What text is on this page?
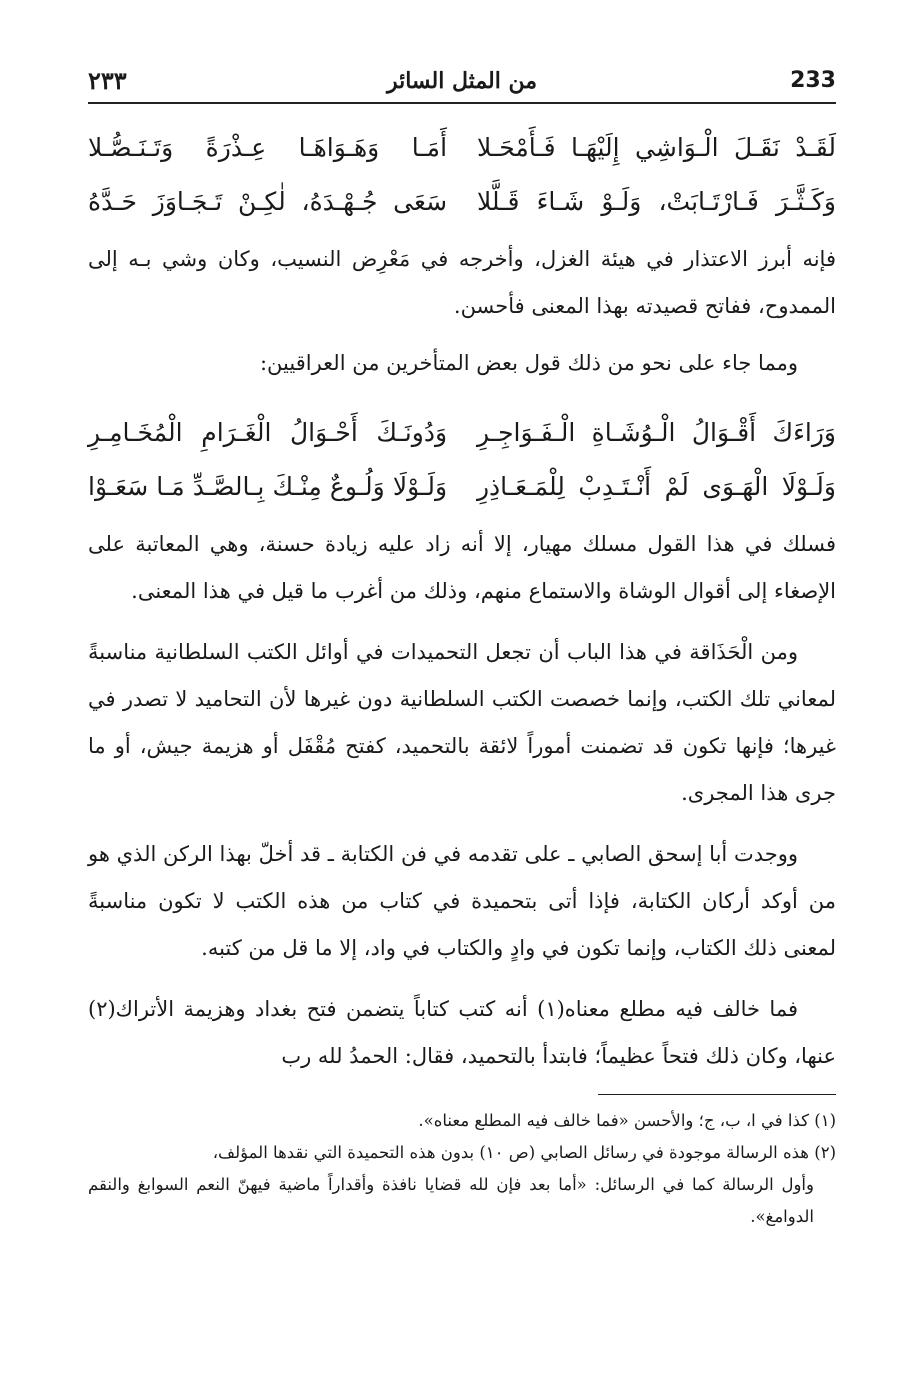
233
من المثل السائر
٢٣٣
لَقَـدْ نَقَـلَ الْـوَاشِي إِلَيْهَـا فَـأَمْحَـلا
أَمَـا وَهَـوَاهَـا عِـذْرَةً وَتَـنَـصُّـلا
وَكَـثَّـرَ فَـارْتَـابَتْ، وَلَـوْ شَـاءَ قَـلَّلا
سَعَى جُـهْـدَهُ، لٰكِـنْ تَـجَـاوَزَ حَـدَّهُ

فإنه أبرز الاعتذار في هيئة الغزل، وأخرجه في مَعْرِض النسيب، وكان وشي بـه إلى الممدوح، ففاتح قصيدته بهذا المعنى فأحسن.

ومما جاء على نحو من ذلك قول بعض المتأخرين من العراقيين:

وَرَاءَكَ أَقْـوَالُ الْـوُشَـاةِ الْـفَـوَاجِـرِ
وَدُونَـكَ أَحْـوَالُ الْغَـرَامِ الْمُخَـامِـرِ
وَلَـوْلَا الْهَـوَى لَمْ أَنْـتَـدِبْ لِلْمَـعَـاذِرِ
وَلَـوْلَا وَلُـوعٌ مِنْـكَ بِـالصَّـدِّ مَـا سَعَـوْا

فسلك في هذا القول مسلك مهيار، إلا أنه زاد عليه زيادة حسنة، وهي المعاتبة على الإصغاء إلى أقوال الوشاة والاستماع منهم، وذلك من أغرب ما قيل في هذا المعنى.

ومن الْحَذَاقة في هذا الباب أن تجعل التحميدات في أوائل الكتب السلطانية مناسبةً لمعاني تلك الكتب، وإنما خصصت الكتب السلطانية دون غيرها لأن التحاميد لا تصدر في غيرها؛ فإنها تكون قد تضمنت أموراً لائقة بالتحميد، كفتح مُقْفَل أو هزيمة جيش، أو ما جرى هذا المجرى.

ووجدت أبا إسحق الصابي ـ على تقدمه في فن الكتابة ـ قد أخلّ بهذا الركن الذي هو من أوكد أركان الكتابة، فإذا أتى بتحميدة في كتاب من هذه الكتب لا تكون مناسبةً لمعنى ذلك الكتاب، وإنما تكون في وادٍ والكتاب في واد، إلا ما قل من كتبه.

فما خالف فيه مطلع معناه(١) أنه كتب كتاباً يتضمن فتح بغداد وهزيمة الأتراك(٢) عنها، وكان ذلك فتحاً عظيماً؛ فابتدأ بالتحميد، فقال: الحمدُ لله رب

(١) كذا في ا، ب، ج؛ والأحسن «فما خالف فيه المطلع معناه».

(٢) هذه الرسالة موجودة في رسائل الصابي (ص ١٠) بدون هذه التحميدة التي نقدها المؤلف،

وأول الرسالة كما في الرسائل: «أما بعد فإن لله قضايا نافذة وأقداراً ماضية فيهنّ النعم السوابغ والنقم الدوامغ».
